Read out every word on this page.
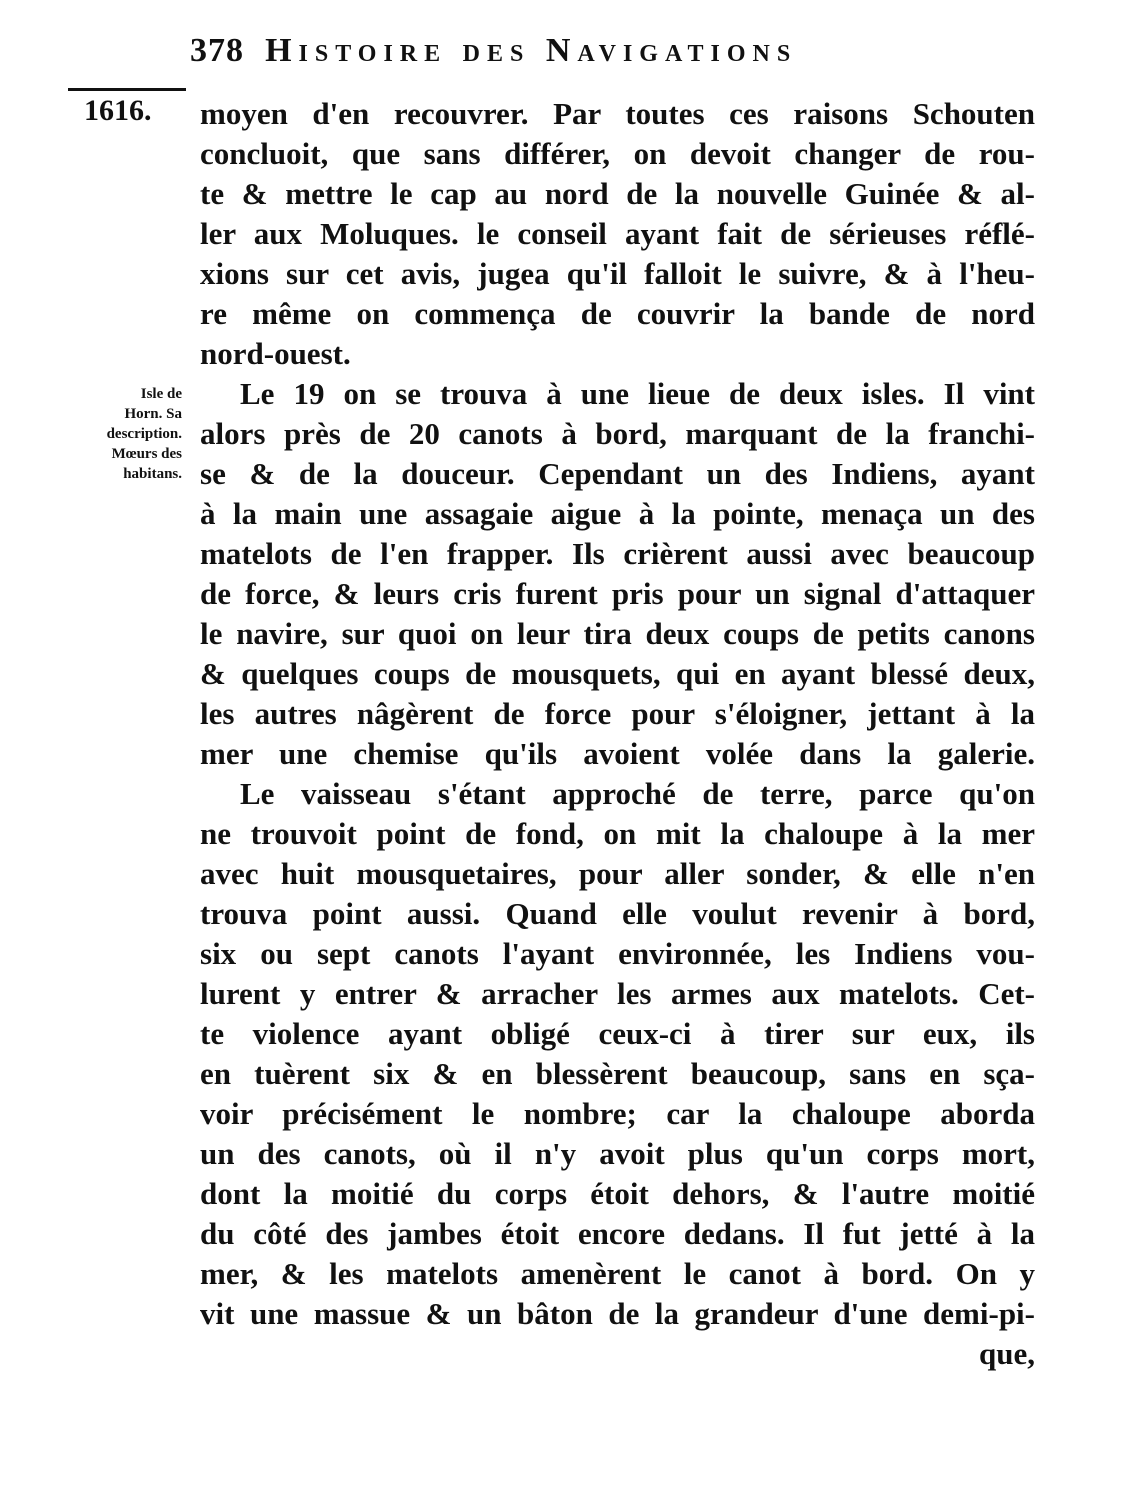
378 Histoire des Navigations
1616.
Isle de
Horn. Sa
description.
Mœurs des
habitans.
moyen d'en recouvrer. Par toutes ces raisons Schouten
concluoit, que sans différer, on devoit changer de rou-
te & mettre le cap au nord de la nouvelle Guinée & al-
ler aux Moluques. le conseil ayant fait de sérieuses réflé-
xions sur cet avis, jugea qu'il falloit le suivre, & à l'heu-
re même on commença de couvrir la bande de nord
nord-ouest.
Le 19 on se trouva à une lieue de deux isles. Il vint
alors près de 20 canots à bord, marquant de la franchi-
se & de la douceur. Cependant un des Indiens, ayant
à la main une assagaie aigue à la pointe, menaça un des
matelots de l'en frapper. Ils crièrent aussi avec beaucoup
de force, & leurs cris furent pris pour un signal d'attaquer
le navire, sur quoi on leur tira deux coups de petits canons
& quelques coups de mousquets, qui en ayant blessé deux,
les autres nâgèrent de force pour s'éloigner, jettant à la
mer une chemise qu'ils avoient volée dans la galerie.
Le vaisseau s'étant approché de terre, parce qu'on
ne trouvoit point de fond, on mit la chaloupe à la mer
avec huit mousquetaires, pour aller sonder, & elle n'en
trouva point aussi. Quand elle voulut revenir à bord,
six ou sept canots l'ayant environnée, les Indiens vou-
lurent y entrer & arracher les armes aux matelots. Cet-
te violence ayant obligé ceux-ci à tirer sur eux, ils
en tuèrent six & en blessèrent beaucoup, sans en sça-
voir précisément le nombre; car la chaloupe aborda
un des canots, où il n'y avoit plus qu'un corps mort,
dont la moitié du corps étoit dehors, & l'autre moitié
du côté des jambes étoit encore dedans. Il fut jetté à la
mer, & les matelots amenèrent le canot à bord. On y
vit une massue & un bâton de la grandeur d'une demi-pi-
que,
